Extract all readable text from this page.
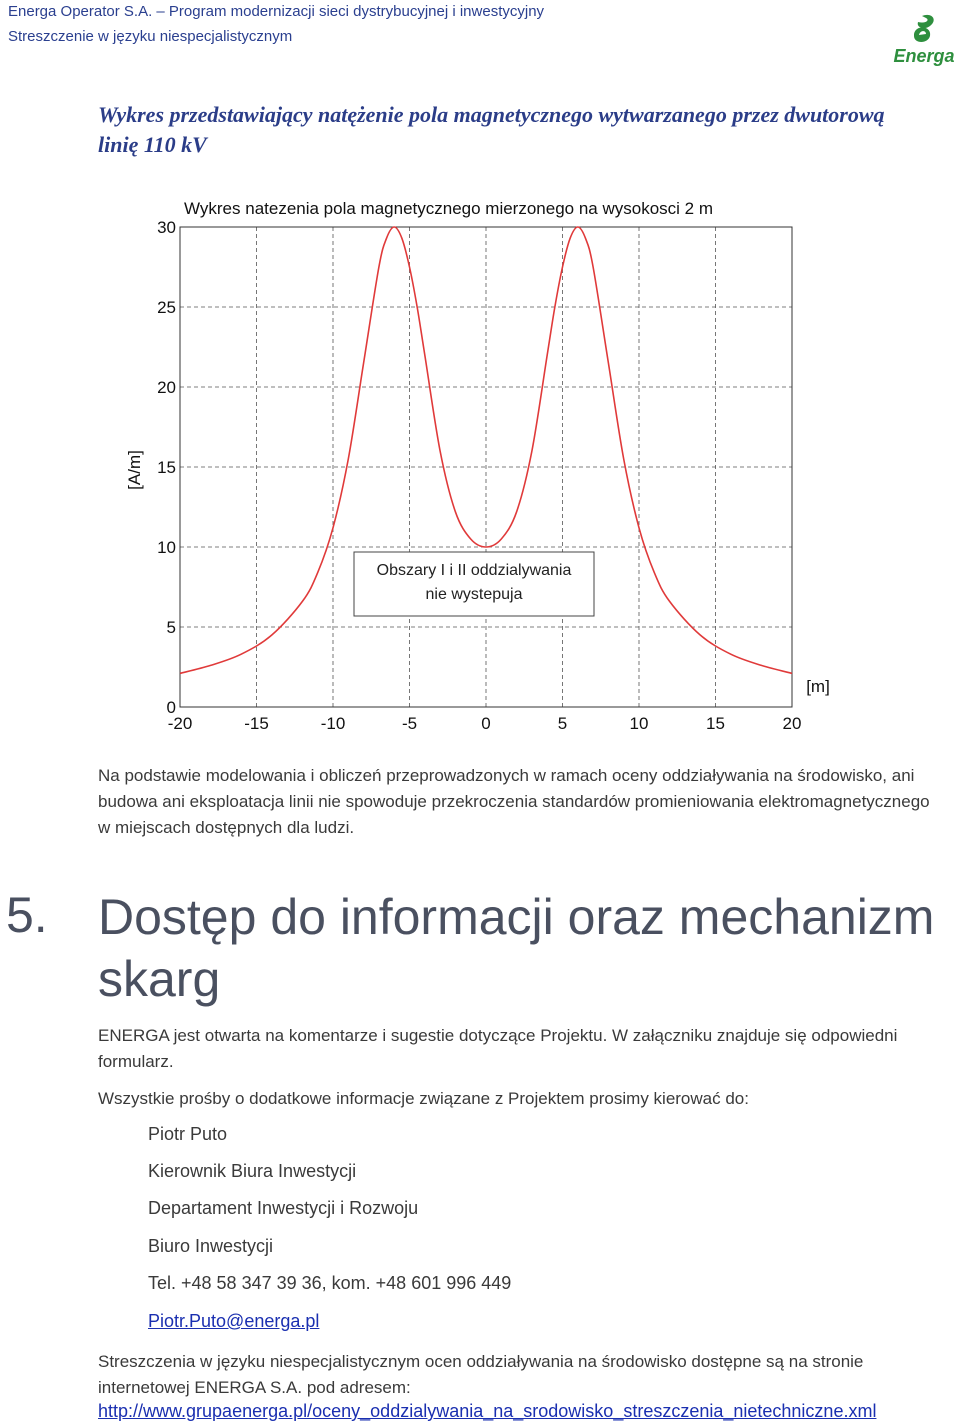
Energa Operator S.A. – Program modernizacji sieci dystrybucyjnej i inwestycyjny
Streszczenie w języku niespecjalistycznym
Energa
Wykres przedstawiający natężenie pola magnetycznego wytwarzanego przez dwutorową linię 110 kV
Wykres natezenia pola magnetycznego mierzonego na wysokosci 2 m
0
5
10
15
20
25
30
-20	-15	-10	-5	0	5	10	15	20
[A/m]
[m]
Obszary I i II oddzialywania
nie wystepuja
Na podstawie modelowania i obliczeń przeprowadzonych w ramach oceny oddziaływania na środowisko, ani budowa ani eksploatacja linii nie spowoduje przekroczenia standardów promieniowania elektromagnetycznego w miejscach dostępnych dla ludzi.
5. Dostęp do informacji oraz mechanizm skarg
ENERGA jest otwarta na komentarze i sugestie dotyczące Projektu. W załączniku znajduje się odpowiedni formularz.
Wszystkie prośby o dodatkowe informacje związane z Projektem prosimy kierować do:
Piotr Puto
Kierownik Biura Inwestycji
Departament Inwestycji i Rozwoju
Biuro Inwestycji
Tel. +48 58 347 39 36, kom. +48 601 996 449
Piotr.Puto@energa.pl
Streszczenia w języku niespecjalistycznym ocen oddziaływania na środowisko dostępne są na stronie internetowej ENERGA S.A. pod adresem:
http://www.grupaenerga.pl/oceny_oddzialywania_na_srodowisko_streszczenia_nietechniczne.xml
